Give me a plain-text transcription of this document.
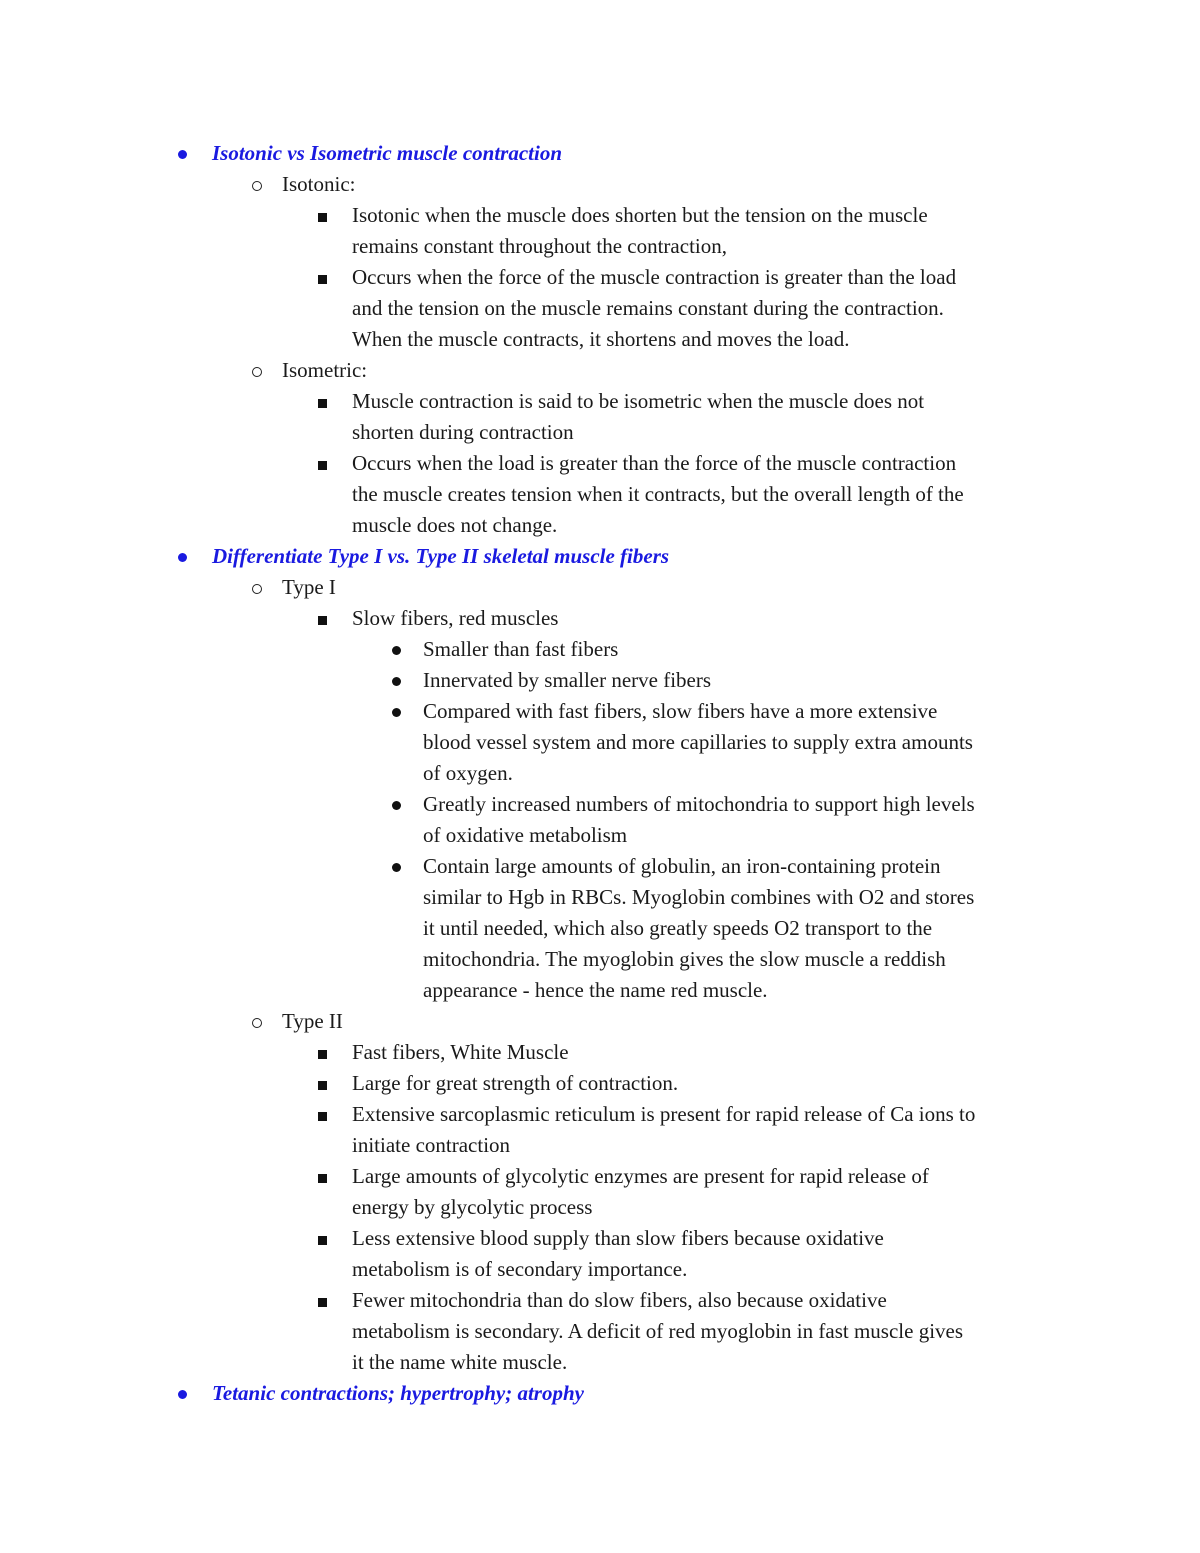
Isotonic vs Isometric muscle contraction
Isotonic:
Isotonic when the muscle does shorten but the tension on the muscle
remains constant throughout the contraction,
Occurs when the force of the muscle contraction is greater than the load
and the tension on the muscle remains constant during the contraction.
When the muscle contracts, it shortens and moves the load.
Isometric:
Muscle contraction is said to be isometric when the muscle does not
shorten during contraction
Occurs when the load is greater than the force of the muscle contraction
the muscle creates tension when it contracts, but the overall length of the
muscle does not change.
Differentiate Type I vs. Type II skeletal muscle fibers
Type I
Slow fibers, red muscles
Smaller than fast fibers
Innervated by smaller nerve fibers
Compared with fast fibers, slow fibers have a more extensive
blood vessel system and more capillaries to supply extra amounts
of oxygen.
Greatly increased numbers of mitochondria to support high levels
of oxidative metabolism
Contain large amounts of globulin, an iron-containing protein
similar to Hgb in RBCs. Myoglobin combines with O2 and stores
it until needed, which also greatly speeds O2 transport to the
mitochondria. The myoglobin gives the slow muscle a reddish
appearance - hence the name red muscle.
Type II
Fast fibers, White Muscle
Large for great strength of contraction.
Extensive sarcoplasmic reticulum is present for rapid release of Ca ions to
initiate contraction
Large amounts of glycolytic enzymes are present for rapid release of
energy by glycolytic process
Less extensive blood supply than slow fibers because oxidative
metabolism is of secondary importance.
Fewer mitochondria than do slow fibers, also because oxidative
metabolism is secondary. A deficit of red myoglobin in fast muscle gives
it the name white muscle.
Tetanic contractions; hypertrophy; atrophy
